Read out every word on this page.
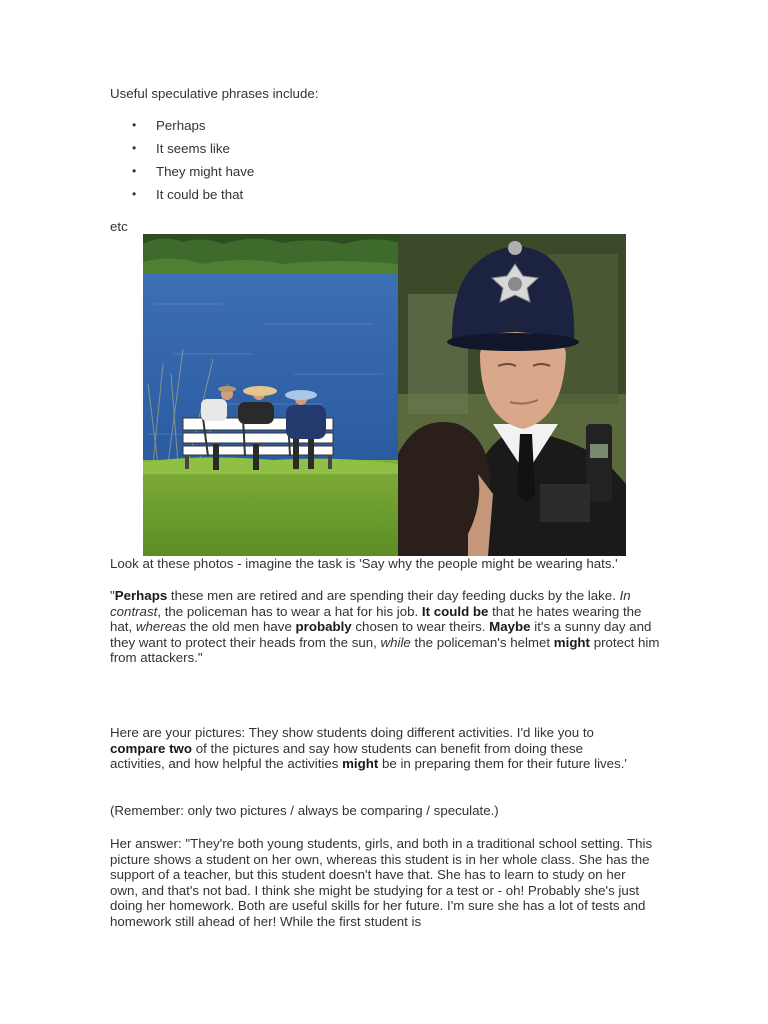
Useful speculative phrases include:

• Perhaps
• It seems like
• They might have
• It could be that

etc

Look at these photos - imagine the task is 'Say why the people might be wearing hats.'

"Perhaps these men are retired and are spending their day feeding ducks by the lake. In contrast, the policeman has to wear a hat for his job. It could be that he hates wearing the hat, whereas the old men have probably chosen to wear theirs. Maybe it's a sunny day and they want to protect their heads from the sun, while the policeman's helmet might protect him from attackers."

Here are your pictures: They show students doing different activities. I'd like you to compare two of the pictures and say how students can benefit from doing these activities, and how helpful the activities might be in preparing them for their future lives.'

(Remember: only two pictures / always be comparing / speculate.)

Her answer: "They're both young students, girls, and both in a traditional school setting. This picture shows a student on her own, whereas this student is in her whole class. She has the support of a teacher, but this student doesn't have that. She has to learn to study on her own, and that's not bad. I think she might be studying for a test or - oh! Probably she's just doing her homework. Both are useful skills for her future. I'm sure she has a lot of tests and homework still ahead of her! While the first student is
